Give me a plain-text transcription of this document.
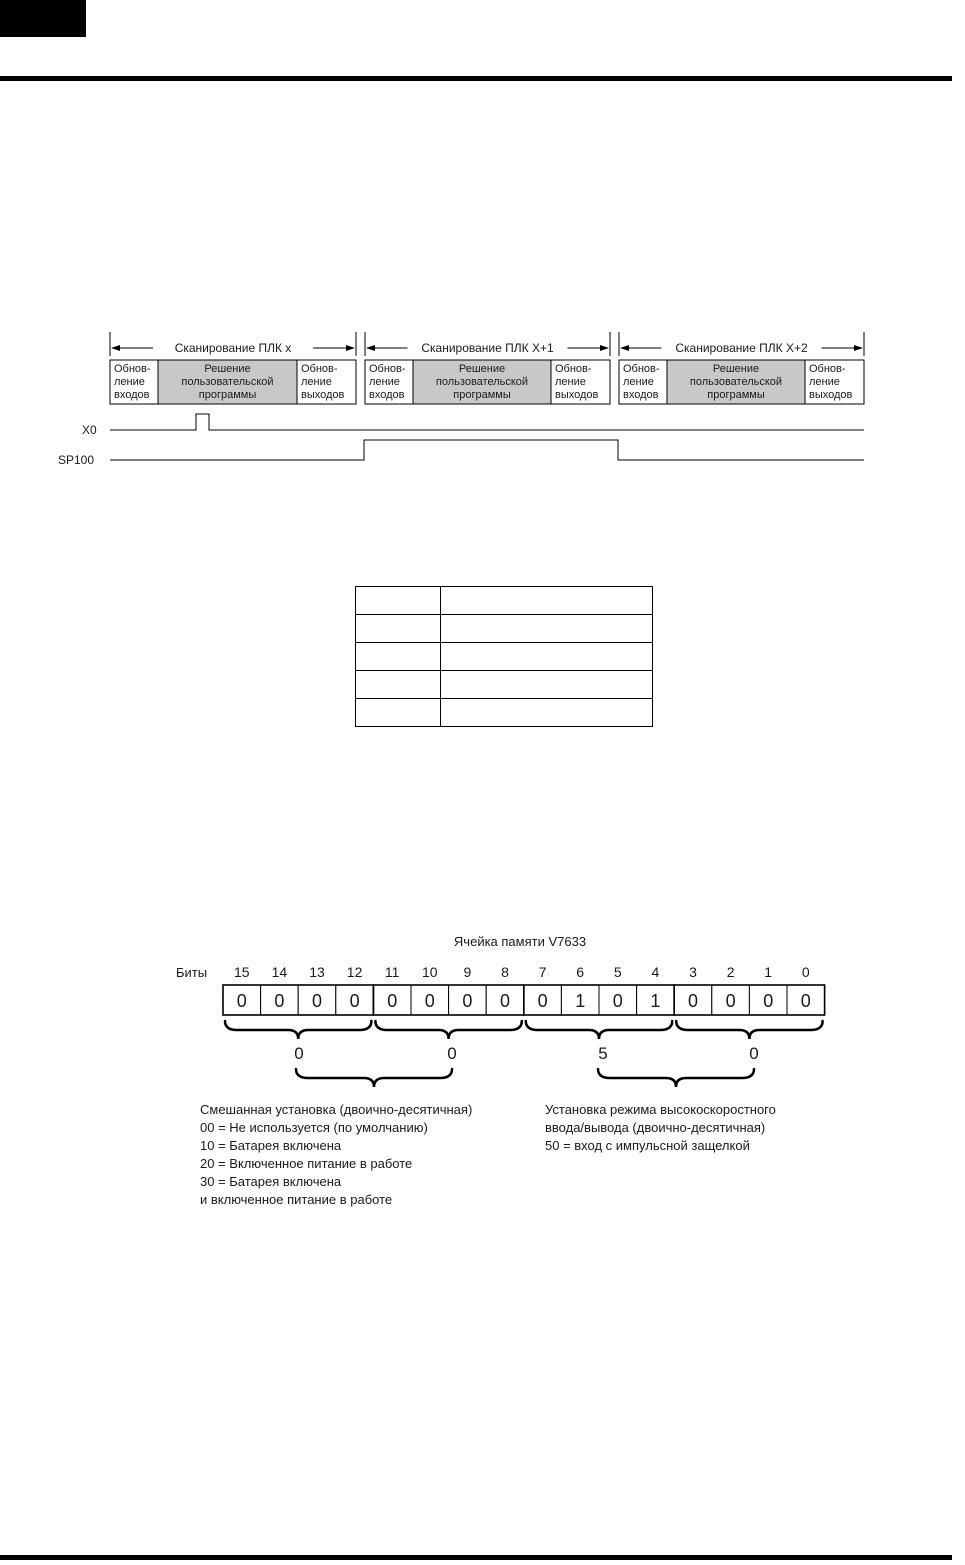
Сканирование ПЛК x
Обнов-
ление
входов
Решение
пользовательской
программы
Обнов-
ление
выходов
Сканирование ПЛК X+1
Обнов-
ление
входов
Решение
пользовательской
программы
Обнов-
ление
выходов
Сканирование ПЛК X+2
Обнов-
ление
входов
Решение
пользовательской
программы
Обнов-
ление
выходов
X0
SP100

Ячейка памяти V7633
Биты 15 14 13 12 11 10 9 8 7 6 5 4 3 2 1 0
0 0 0 0 0 0 0 0 0 1 0 1 0 0 0 0
0	0	5	0
Смешанная установка (двоично-десятичная)
00 = Не используется (по умолчанию)
10 = Батарея включена
20 = Включенное питание в работе
30 = Батарея включена
и включенное питание в работе
Установка режима высокоскоростного
ввода/вывода (двоично-десятичная)
50 = вход с импульсной защелкой
